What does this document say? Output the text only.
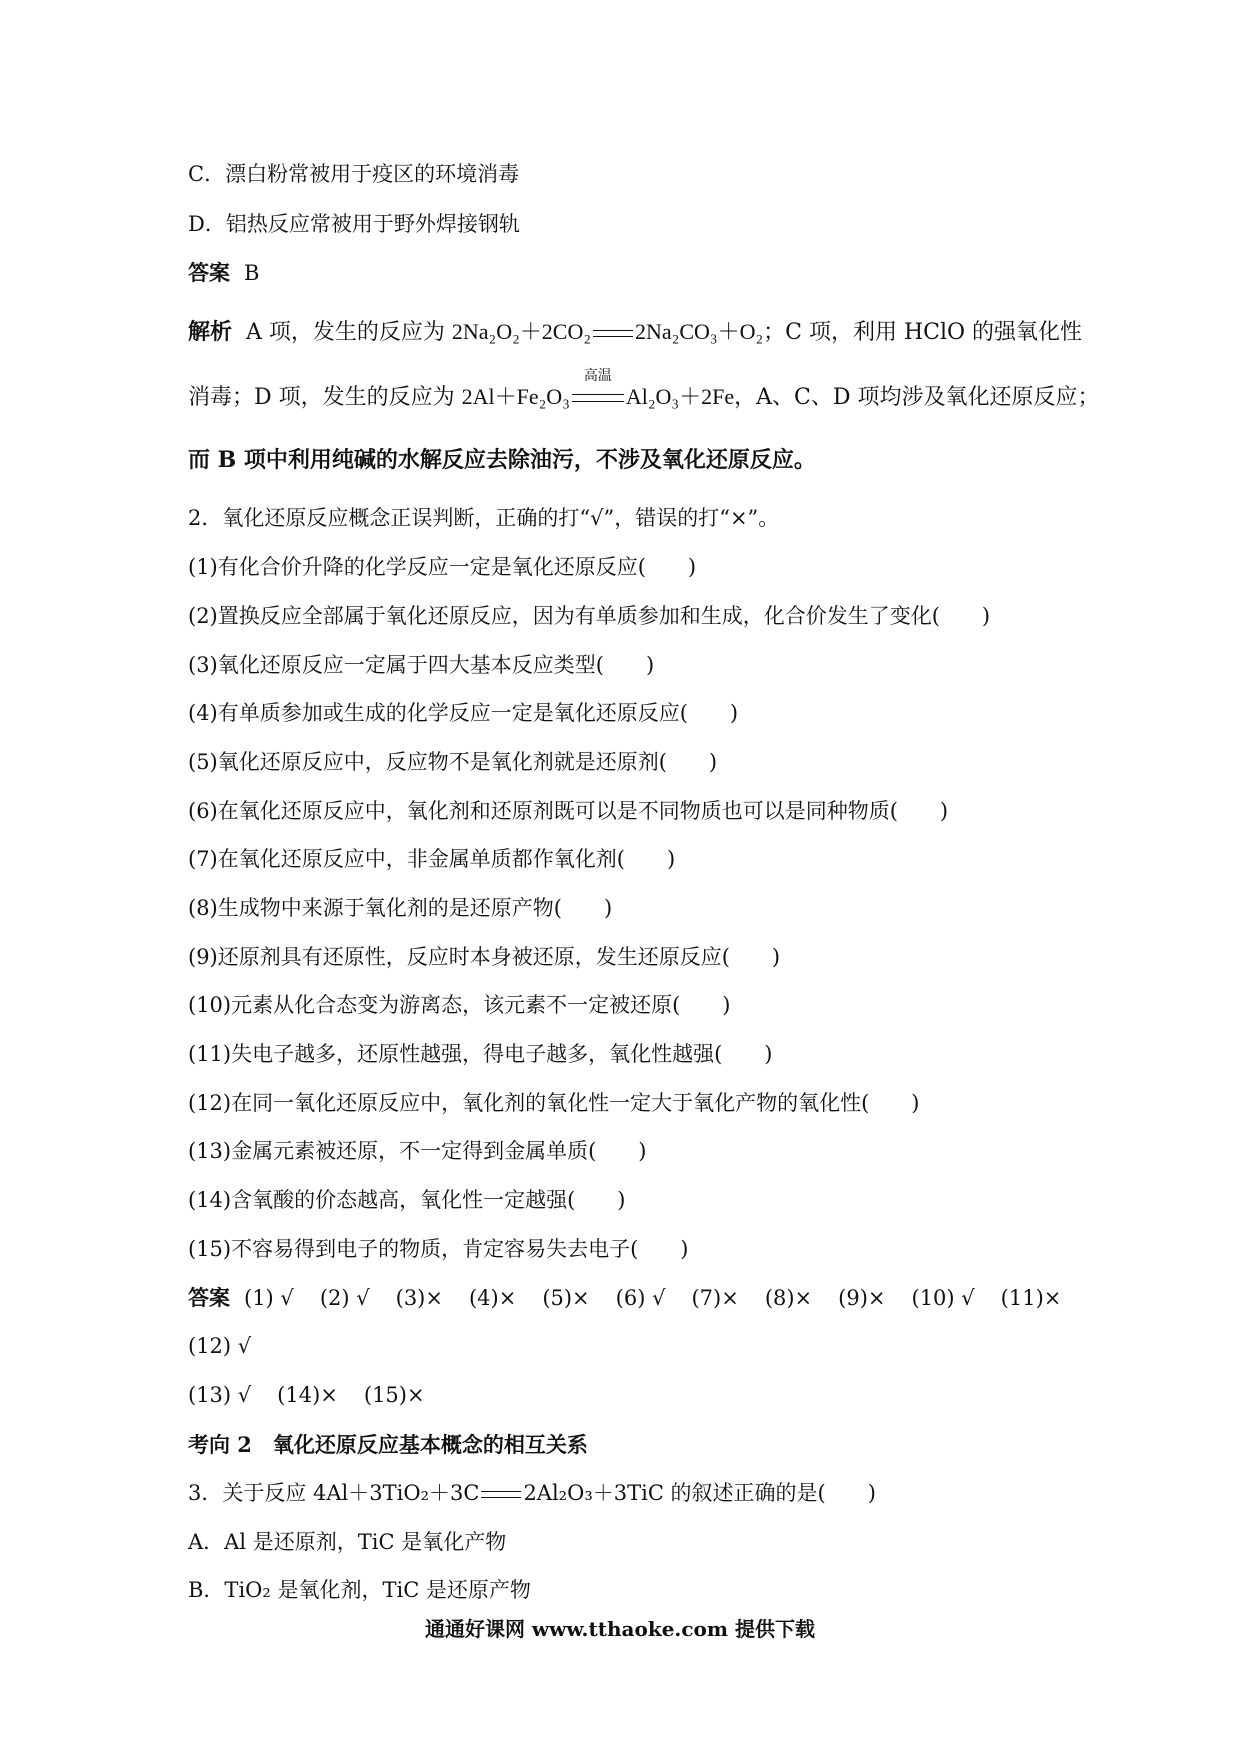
C．漂白粉常被用于疫区的环境消毒
D．铝热反应常被用于野外焊接钢轨
答案 B
解析 A 项，发生的反应为 2Na₂O₂＋2CO₂ 2Na₂CO₃＋O₂；C 项，利用 HClO 的强氧化性
消毒；D 项，发生的反应为 2Al＋Fe₂O₃
高温
Al₂O₃＋2Fe，A、C、D 项均涉及氧化还原反应；
而 B 项中利用纯碱的水解反应去除油污，不涉及氧化还原反应。
2．氧化还原反应概念正误判断，正确的打“√”，错误的打“×”。
(1)有化合价升降的化学反应一定是氧化还原反应(　　)
(2)置换反应全部属于氧化还原反应，因为有单质参加和生成，化合价发生了变化(　　)
(3)氧化还原反应一定属于四大基本反应类型(　　)
(4)有单质参加或生成的化学反应一定是氧化还原反应(　　)
(5)氧化还原反应中，反应物不是氧化剂就是还原剂(　　)
(6)在氧化还原反应中，氧化剂和还原剂既可以是不同物质也可以是同种物质(　　)
(7)在氧化还原反应中，非金属单质都作氧化剂(　　)
(8)生成物中来源于氧化剂的是还原产物(　　)
(9)还原剂具有还原性，反应时本身被还原，发生还原反应(　　)
(10)元素从化合态变为游离态，该元素不一定被还原(　　)
(11)失电子越多，还原性越强，得电子越多，氧化性越强(　　)
(12)在同一氧化还原反应中，氧化剂的氧化性一定大于氧化产物的氧化性(　　)
(13)金属元素被还原，不一定得到金属单质(　　)
(14)含氧酸的价态越高，氧化性一定越强(　　)
(15)不容易得到电子的物质，肯定容易失去电子(　　)
答案 (1) √ (2) √ (3)× (4)× (5)× (6) √ (7)× (8)× (9)× (10) √ (11)×
(12) √
(13) √ (14)× (15)×
考向 2　氧化还原反应基本概念的相互关系
3．关于反应 4Al＋3TiO₂＋3C 2Al₂O₃＋3TiC 的叙述正确的是(　　)
A．Al 是还原剂，TiC 是氧化产物
B．TiO₂ 是氧化剂，TiC 是还原产物
通通好课网 www.tthaoke.com 提供下载
